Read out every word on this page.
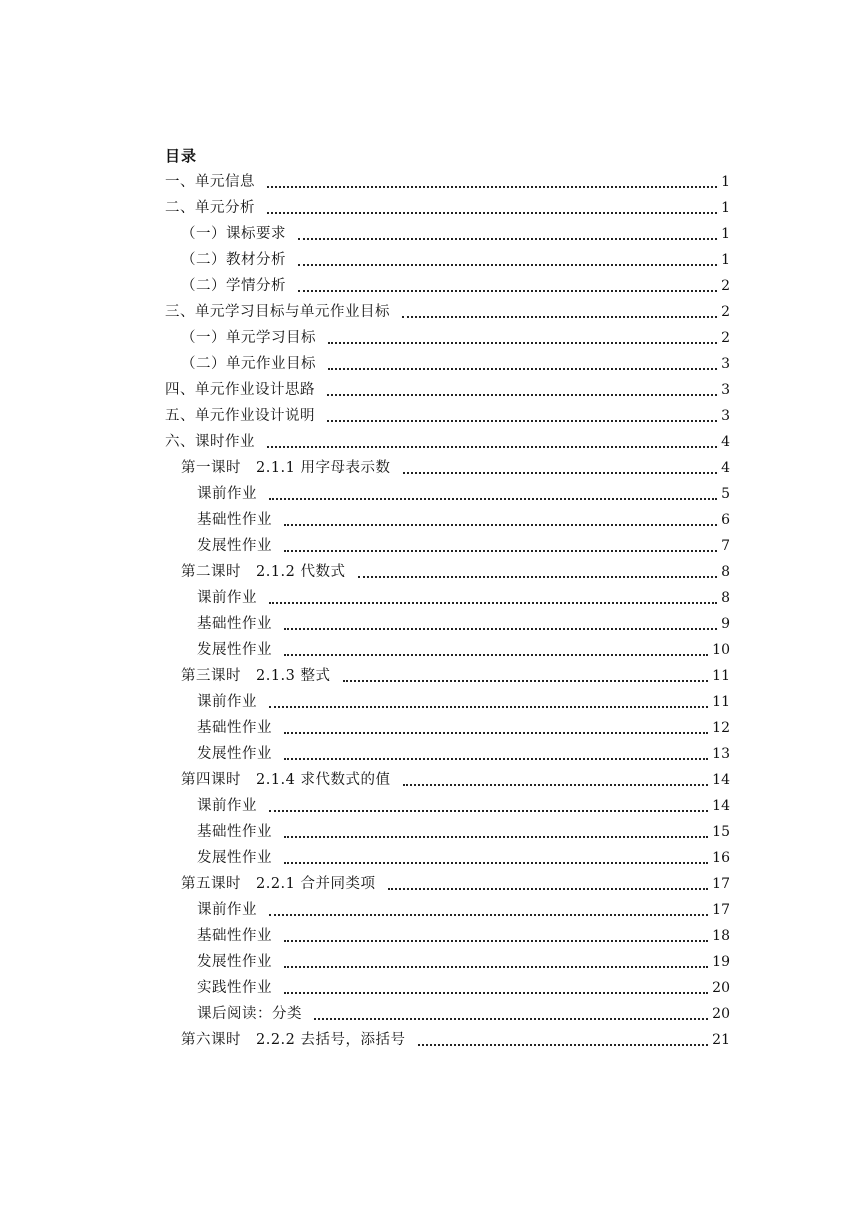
目录
一、单元信息	1
二、单元分析	1
（一）课标要求	1
（二）教材分析	1
（二）学情分析	2
三、单元学习目标与单元作业目标	2
（一）单元学习目标	2
（二）单元作业目标	3
四、单元作业设计思路	3
五、单元作业设计说明	3
六、课时作业	4
第一课时　2.1.1 用字母表示数	4
课前作业	5
基础性作业	6
发展性作业	7
第二课时　2.1.2 代数式	8
课前作业	8
基础性作业	9
发展性作业	10
第三课时　2.1.3 整式	11
课前作业	11
基础性作业	12
发展性作业	13
第四课时　2.1.4 求代数式的值	14
课前作业	14
基础性作业	15
发展性作业	16
第五课时　2.2.1 合并同类项	17
课前作业	17
基础性作业	18
发展性作业	19
实践性作业	20
课后阅读：分类	20
第六课时　2.2.2 去括号，添括号	21
